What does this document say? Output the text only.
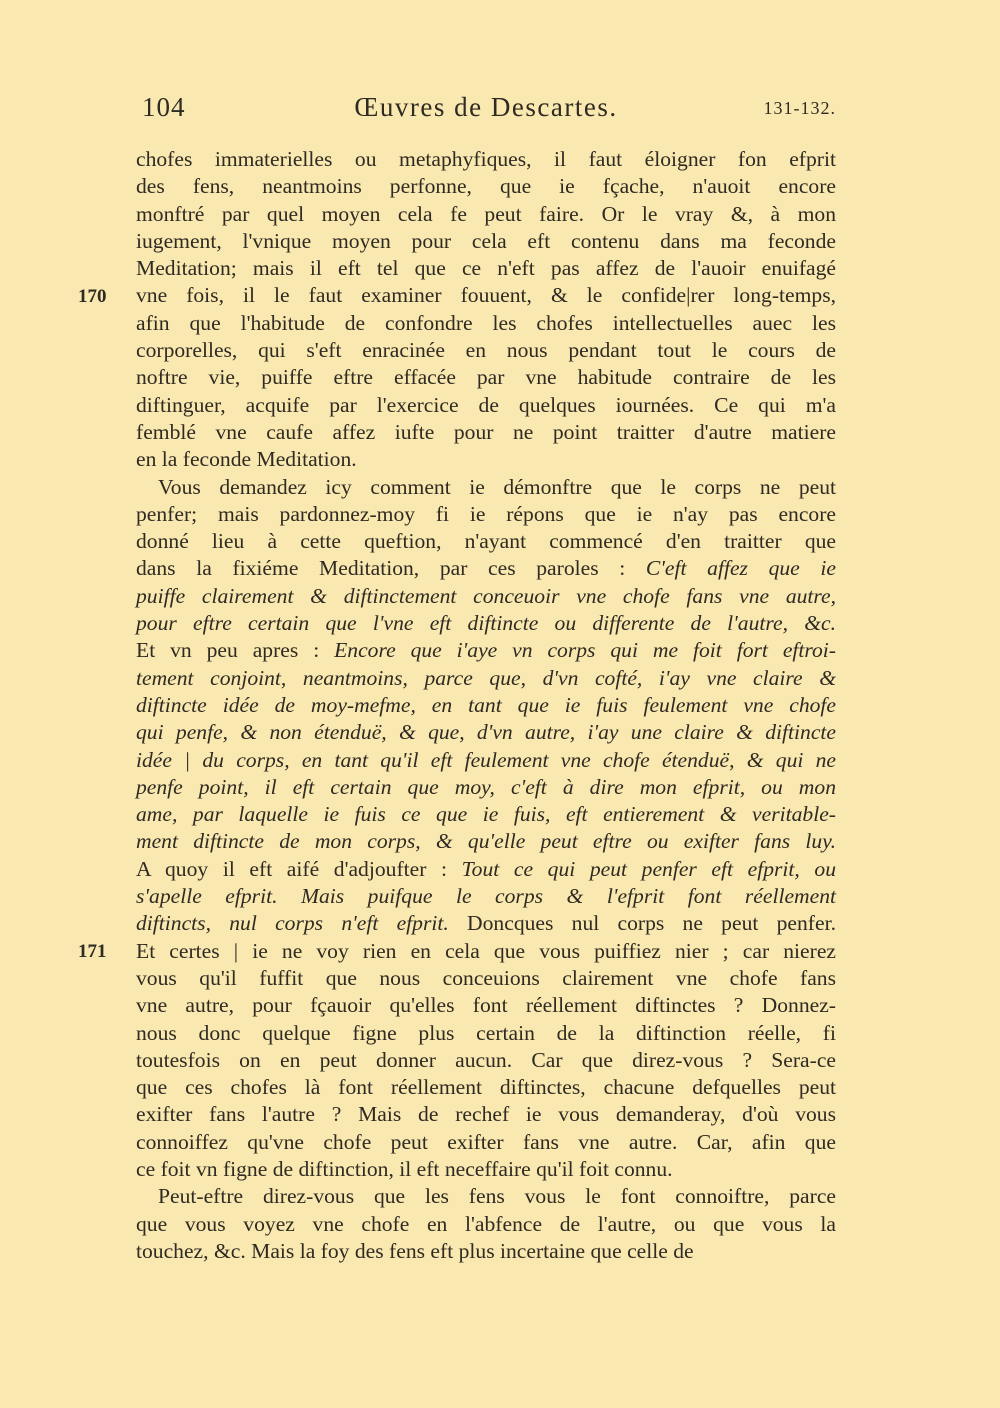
104	Œuvres de Descartes.	131-132.
170
171
chofes immaterielles ou metaphyfiques, il faut éloigner fon efprit
des fens, neantmoins perfonne, que ie fçache, n'auoit encore
monftré par quel moyen cela fe peut faire. Or le vray &, à mon
iugement, l'vnique moyen pour cela eft contenu dans ma feconde
Meditation; mais il eft tel que ce n'eft pas affez de l'auoir enuifagé
vne fois, il le faut examiner fouuent, & le confide|rer long-temps,
afin que l'habitude de confondre les chofes intellectuelles auec les
corporelles, qui s'eft enracinée en nous pendant tout le cours de
noftre vie, puiffe eftre effacée par vne habitude contraire de les
diftinguer, acquife par l'exercice de quelques iournées. Ce qui m'a
femblé vne caufe affez iufte pour ne point traitter d'autre matiere
en la feconde Meditation.
Vous demandez icy comment ie démonftre que le corps ne peut
penfer; mais pardonnez-moy fi ie répons que ie n'ay pas encore
donné lieu à cette queftion, n'ayant commencé d'en traitter que
dans la fixiéme Meditation, par ces paroles : C'eft affez que ie
puiffe clairement & diftinctement conceuoir vne chofe fans vne autre,
pour eftre certain que l'vne eft diftincte ou differente de l'autre, &c.
Et vn peu apres : Encore que i'aye vn corps qui me foit fort eftroi-
tement conjoint, neantmoins, parce que, d'vn cofté, i'ay vne claire &
diftincte idée de moy-mefme, en tant que ie fuis feulement vne chofe
qui penfe, & non étenduë, & que, d'vn autre, i'ay une claire & diftincte
idée | du corps, en tant qu'il eft feulement vne chofe étenduë, & qui ne
penfe point, il eft certain que moy, c'eft à dire mon efprit, ou mon
ame, par laquelle ie fuis ce que ie fuis, eft entierement & veritable-
ment diftincte de mon corps, & qu'elle peut eftre ou exifter fans luy.
A quoy il eft aifé d'adjoufter : Tout ce qui peut penfer eft efprit, ou
s'apelle efprit. Mais puifque le corps & l'efprit font réellement
diftincts, nul corps n'eft efprit. Doncques nul corps ne peut penfer.
Et certes | ie ne voy rien en cela que vous puiffiez nier ; car nierez
vous qu'il fuffit que nous conceuions clairement vne chofe fans
vne autre, pour fçauoir qu'elles font réellement diftinctes ? Donnez-
nous donc quelque figne plus certain de la diftinction réelle, fi
toutesfois on en peut donner aucun. Car que direz-vous ? Sera-ce
que ces chofes là font réellement diftinctes, chacune defquelles peut
exifter fans l'autre ? Mais de rechef ie vous demanderay, d'où vous
connoiffez qu'vne chofe peut exifter fans vne autre. Car, afin que
ce foit vn figne de diftinction, il eft neceffaire qu'il foit connu.
Peut-eftre direz-vous que les fens vous le font connoiftre, parce
que vous voyez vne chofe en l'abfence de l'autre, ou que vous la
touchez, &c. Mais la foy des fens eft plus incertaine que celle de
